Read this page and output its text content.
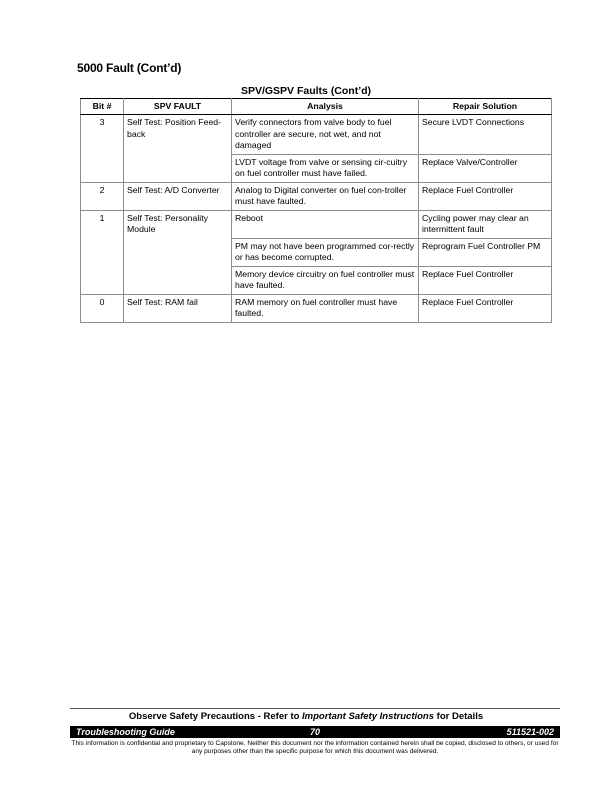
5000 Fault (Cont’d)
SPV/GSPV Faults (Cont’d)
Bit #	SPV FAULT	Analysis	Repair Solution
3	Self Test: Position Feed-back	Verify connectors from valve body to fuel controller are secure, not wet, and not damaged	Secure LVDT Connections
		LVDT voltage from valve or sensing cir-cuitry on fuel controller must have failed.	Replace Valve/Controller
2	Self Test: A/D Converter	Analog to Digital converter on fuel con-troller must have faulted.	Replace Fuel Controller
1	Self Test: Personality Module	Reboot	Cycling power may clear an intermittent fault
		PM may not have been programmed cor-rectly or has become corrupted.	Reprogram Fuel Controller PM
		Memory device circuitry on fuel controller must have faulted.	Replace Fuel Controller
0	Self Test: RAM fail	RAM memory on fuel controller must have faulted.	Replace Fuel Controller
Observe Safety Precautions - Refer to Important Safety Instructions for Details
70
Troubleshooting Guide	511521-002
This information is confidential and proprietary to Capstone. Neither this document nor the information contained herein shall be copied, disclosed to others, or used for any purposes other than the specific purpose for which this document was delivered.
